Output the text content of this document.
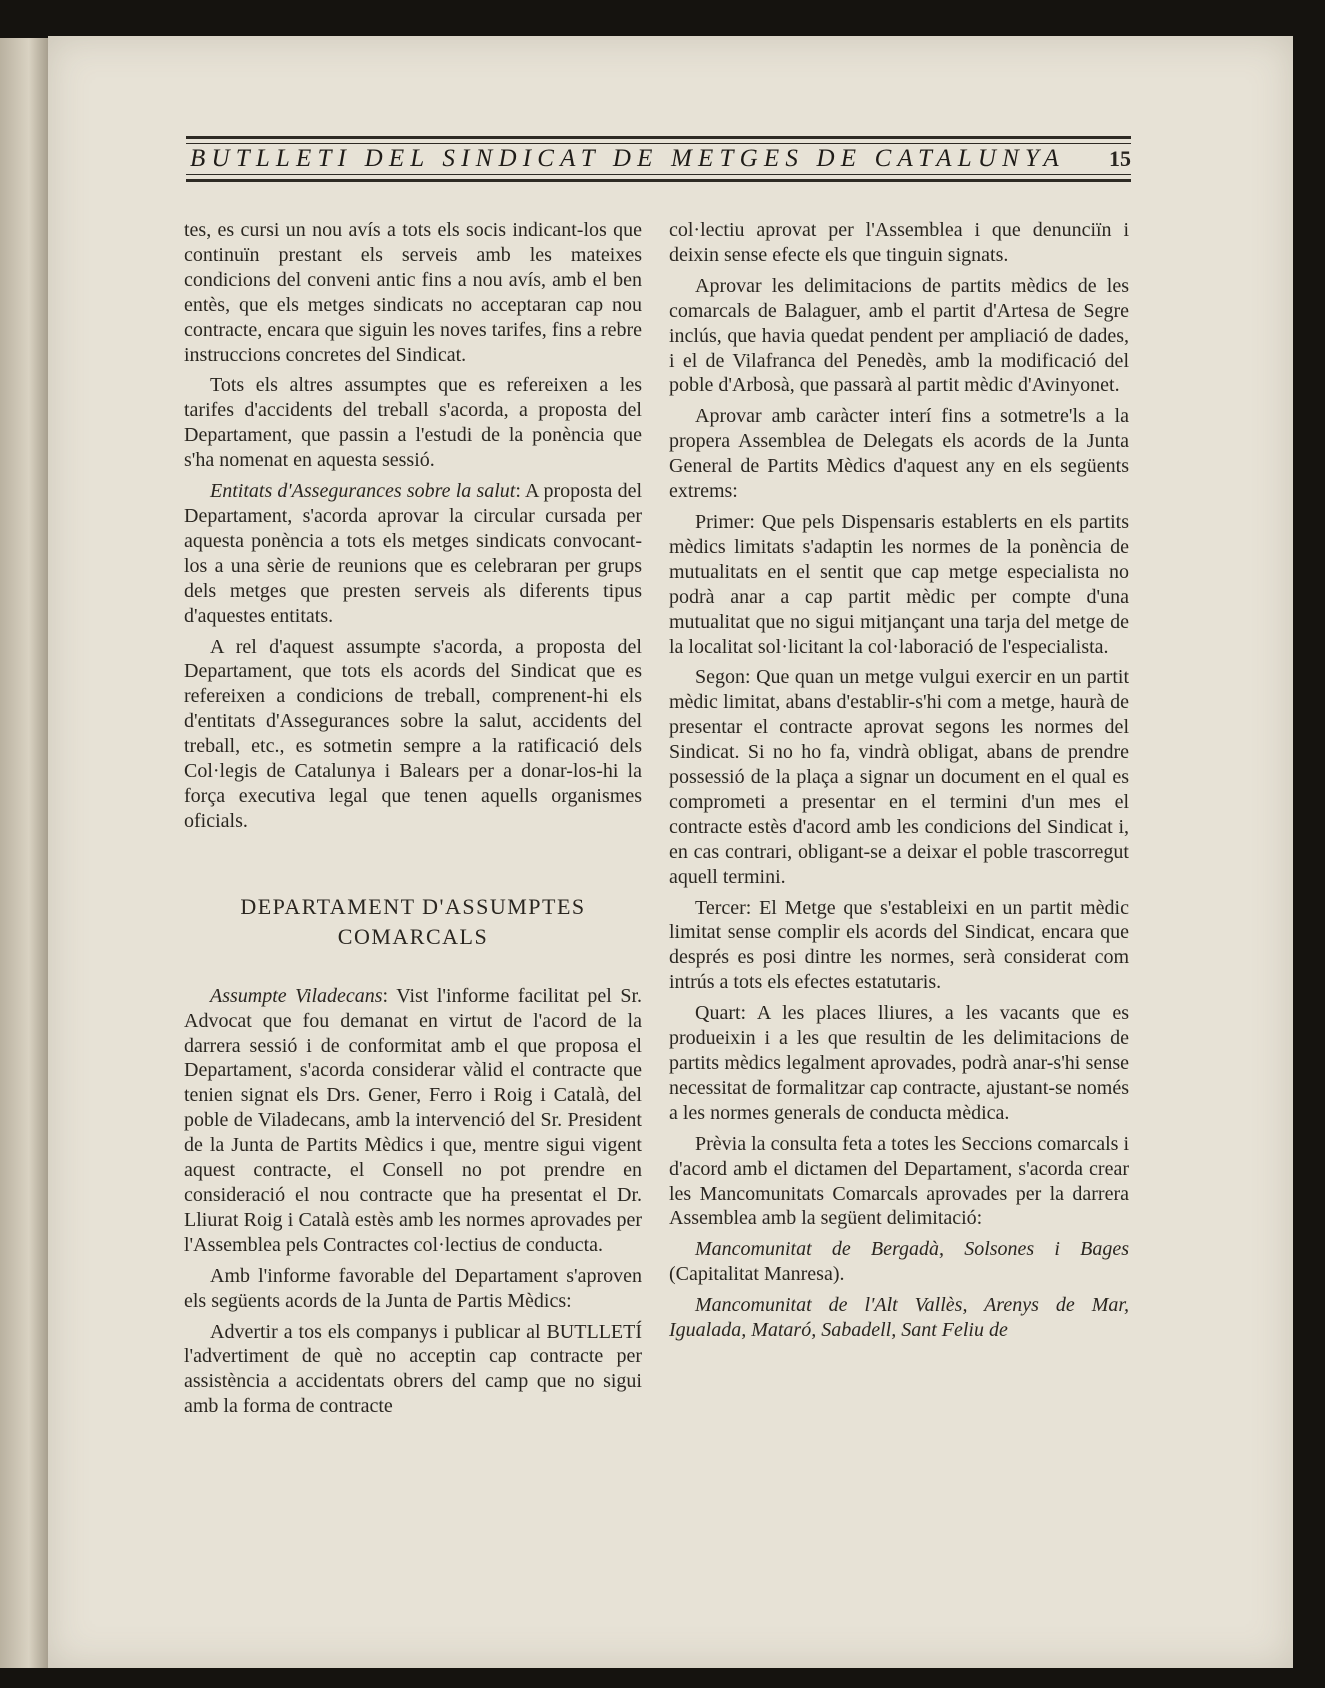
BUTLLETI DEL SINDICAT DE METGES DE CATALUNYA	15

tes, es cursi un nou avís a tots els socis indicant-los que continuïn prestant els serveis amb les mateixes condicions del conveni antic fins a nou avís, amb el ben entès, que els metges sindicats no acceptaran cap nou contracte, encara que siguin les noves tarifes, fins a rebre instruccions concretes del Sindicat.

Tots els altres assumptes que es refereixen a les tarifes d'accidents del treball s'acorda, a proposta del Departament, que passin a l'estudi de la ponència que s'ha nomenat en aquesta sessió.

Entitats d'Assegurances sobre la salut: A proposta del Departament, s'acorda aprovar la circular cursada per aquesta ponència a tots els metges sindicats convocant-los a una sèrie de reunions que es celebraran per grups dels metges que presten serveis als diferents tipus d'aquestes entitats.

A rel d'aquest assumpte s'acorda, a proposta del Departament, que tots els acords del Sindicat que es refereixen a condicions de treball, comprenent-hi els d'entitats d'Assegurances sobre la salut, accidents del treball, etc., es sotmetin sempre a la ratificació dels Col·legis de Catalunya i Balears per a donar-los-hi la força executiva legal que tenen aquells organismes oficials.

DEPARTAMENT D'ASSUMPTES
COMARCALS

Assumpte Viladecans: Vist l'informe facilitat pel Sr. Advocat que fou demanat en virtut de l'acord de la darrera sessió i de conformitat amb el que proposa el Departament, s'acorda considerar vàlid el contracte que tenien signat els Drs. Gener, Ferro i Roig i Català, del poble de Viladecans, amb la intervenció del Sr. President de la Junta de Partits Mèdics i que, mentre sigui vigent aquest contracte, el Consell no pot prendre en consideració el nou contracte que ha presentat el Dr. Lliurat Roig i Català estès amb les normes aprovades per l'Assemblea pels Contractes col·lectius de conducta.

Amb l'informe favorable del Departament s'aproven els següents acords de la Junta de Partis Mèdics:

Advertir a tos els companys i publicar al BUTLLETÍ l'advertiment de què no acceptin cap contracte per assistència a accidentats obrers del camp que no sigui amb la forma de contracte

col·lectiu aprovat per l'Assemblea i que denunciïn i deixin sense efecte els que tinguin signats.

Aprovar les delimitacions de partits mèdics de les comarcals de Balaguer, amb el partit d'Artesa de Segre inclús, que havia quedat pendent per ampliació de dades, i el de Vilafranca del Penedès, amb la modificació del poble d'Arbosà, que passarà al partit mèdic d'Avinyonet.

Aprovar amb caràcter interí fins a sotmetre'ls a la propera Assemblea de Delegats els acords de la Junta General de Partits Mèdics d'aquest any en els següents extrems:

Primer: Que pels Dispensaris establerts en els partits mèdics limitats s'adaptin les normes de la ponència de mutualitats en el sentit que cap metge especialista no podrà anar a cap partit mèdic per compte d'una mutualitat que no sigui mitjançant una tarja del metge de la localitat sol·licitant la col·laboració de l'especialista.

Segon: Que quan un metge vulgui exercir en un partit mèdic limitat, abans d'establir-s'hi com a metge, haurà de presentar el contracte aprovat segons les normes del Sindicat. Si no ho fa, vindrà obligat, abans de prendre possessió de la plaça a signar un document en el qual es comprometi a presentar en el termini d'un mes el contracte estès d'acord amb les condicions del Sindicat i, en cas contrari, obligant-se a deixar el poble trascorregut aquell termini.

Tercer: El Metge que s'estableixi en un partit mèdic limitat sense complir els acords del Sindicat, encara que després es posi dintre les normes, serà considerat com intrús a tots els efectes estatutaris.

Quart: A les places lliures, a les vacants que es produeixin i a les que resultin de les delimitacions de partits mèdics legalment aprovades, podrà anar-s'hi sense necessitat de formalitzar cap contracte, ajustant-se només a les normes generals de conducta mèdica.

Prèvia la consulta feta a totes les Seccions comarcals i d'acord amb el dictamen del Departament, s'acorda crear les Mancomunitats Comarcals aprovades per la darrera Assemblea amb la següent delimitació:

Mancomunitat de Bergadà, Solsones i Bages (Capitalitat Manresa).

Mancomunitat de l'Alt Vallès, Arenys de Mar, Igualada, Mataró, Sabadell, Sant Feliu de
